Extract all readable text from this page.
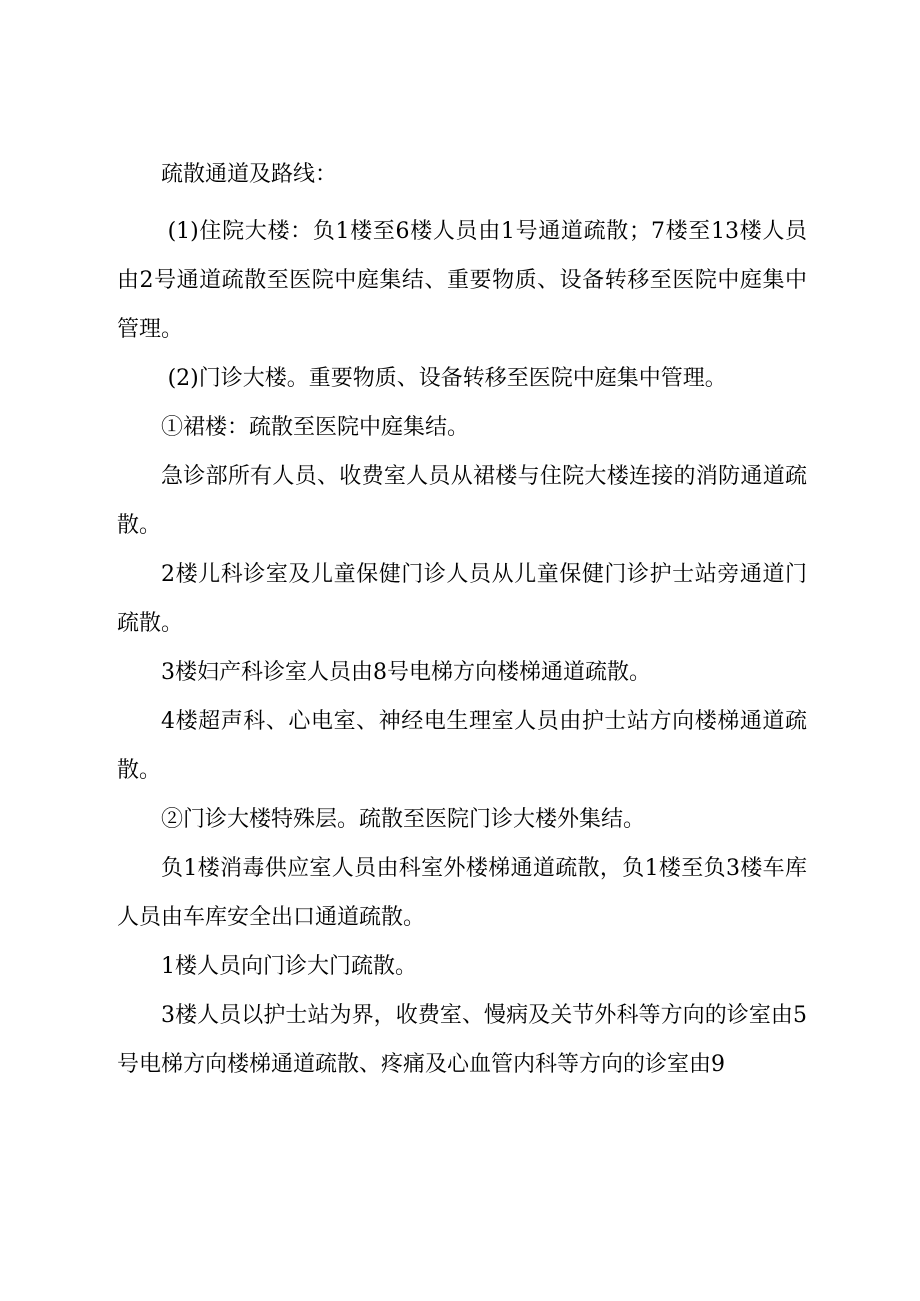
疏散通道及路线：

(1)住院大楼：负1楼至6楼人员由1号通道疏散；7楼至13楼人员由2号通道疏散至医院中庭集结、重要物质、设备转移至医院中庭集中管理。

(2)门诊大楼。重要物质、设备转移至医院中庭集中管理。

①裙楼：疏散至医院中庭集结。

急诊部所有人员、收费室人员从裙楼与住院大楼连接的消防通道疏散。

2楼儿科诊室及儿童保健门诊人员从儿童保健门诊护士站旁通道门疏散。

3楼妇产科诊室人员由8号电梯方向楼梯通道疏散。

4楼超声科、心电室、神经电生理室人员由护士站方向楼梯通道疏散。

②门诊大楼特殊层。疏散至医院门诊大楼外集结。

负1楼消毒供应室人员由科室外楼梯通道疏散，负1楼至负3楼车库人员由车库安全出口通道疏散。

1楼人员向门诊大门疏散。

3楼人员以护士站为界，收费室、慢病及关节外科等方向的诊室由5号电梯方向楼梯通道疏散、疼痛及心血管内科等方向的诊室由9
